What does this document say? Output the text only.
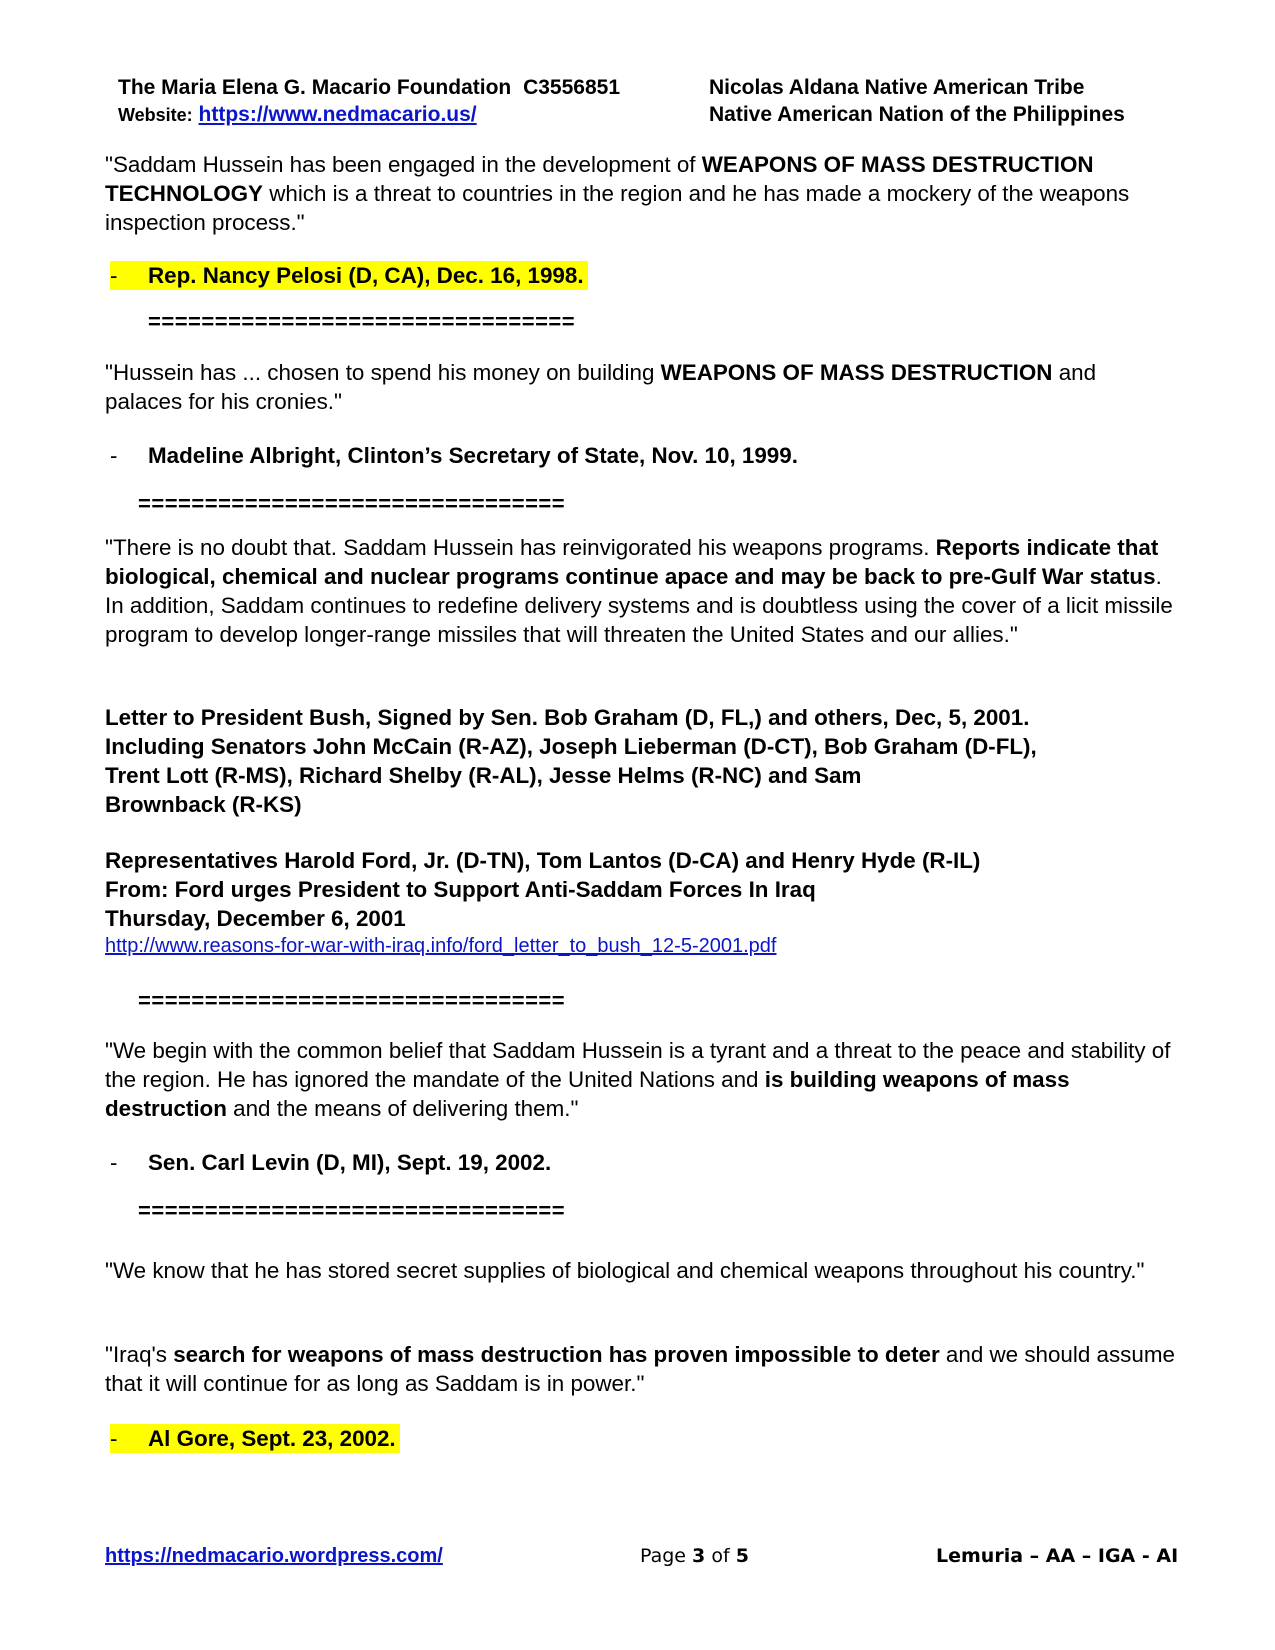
The Maria Elena G. Macario Foundation C3556851
Website: https://www.nedmacario.us/
Nicolas Aldana Native American Tribe
Native American Nation of the Philippines
"Saddam Hussein has been engaged in the development of WEAPONS OF MASS DESTRUCTION TECHNOLOGY which is a threat to countries in the region and he has made a mockery of the weapons inspection process."
- Rep. Nancy Pelosi (D, CA), Dec. 16, 1998.
================================
"Hussein has ... chosen to spend his money on building WEAPONS OF MASS DESTRUCTION and palaces for his cronies."
- Madeline Albright, Clinton’s Secretary of State, Nov. 10, 1999.
================================
"There is no doubt that. Saddam Hussein has reinvigorated his weapons programs. Reports indicate that biological, chemical and nuclear programs continue apace and may be back to pre-Gulf War status. In addition, Saddam continues to redefine delivery systems and is doubtless using the cover of a licit missile program to develop longer-range missiles that will threaten the United States and our allies."
Letter to President Bush, Signed by Sen. Bob Graham (D, FL,) and others, Dec, 5, 2001.
Including Senators John McCain (R-AZ), Joseph Lieberman (D-CT), Bob Graham (D-FL),
Trent Lott (R-MS), Richard Shelby (R-AL), Jesse Helms (R-NC) and Sam
Brownback (R-KS)
Representatives Harold Ford, Jr. (D-TN), Tom Lantos (D-CA) and Henry Hyde (R-IL)
From: Ford urges President to Support Anti-Saddam Forces In Iraq
Thursday, December 6, 2001
http://www.reasons-for-war-with-iraq.info/ford_letter_to_bush_12-5-2001.pdf
================================
"We begin with the common belief that Saddam Hussein is a tyrant and a threat to the peace and stability of the region. He has ignored the mandate of the United Nations and is building weapons of mass destruction and the means of delivering them."
- Sen. Carl Levin (D, MI), Sept. 19, 2002.
================================
"We know that he has stored secret supplies of biological and chemical weapons throughout his country."
"Iraq's search for weapons of mass destruction has proven impossible to deter and we should assume that it will continue for as long as Saddam is in power."
- Al Gore, Sept. 23, 2002.
https://nedmacario.wordpress.com/	Page 3 of 5	Lemuria – AA – IGA - AI
